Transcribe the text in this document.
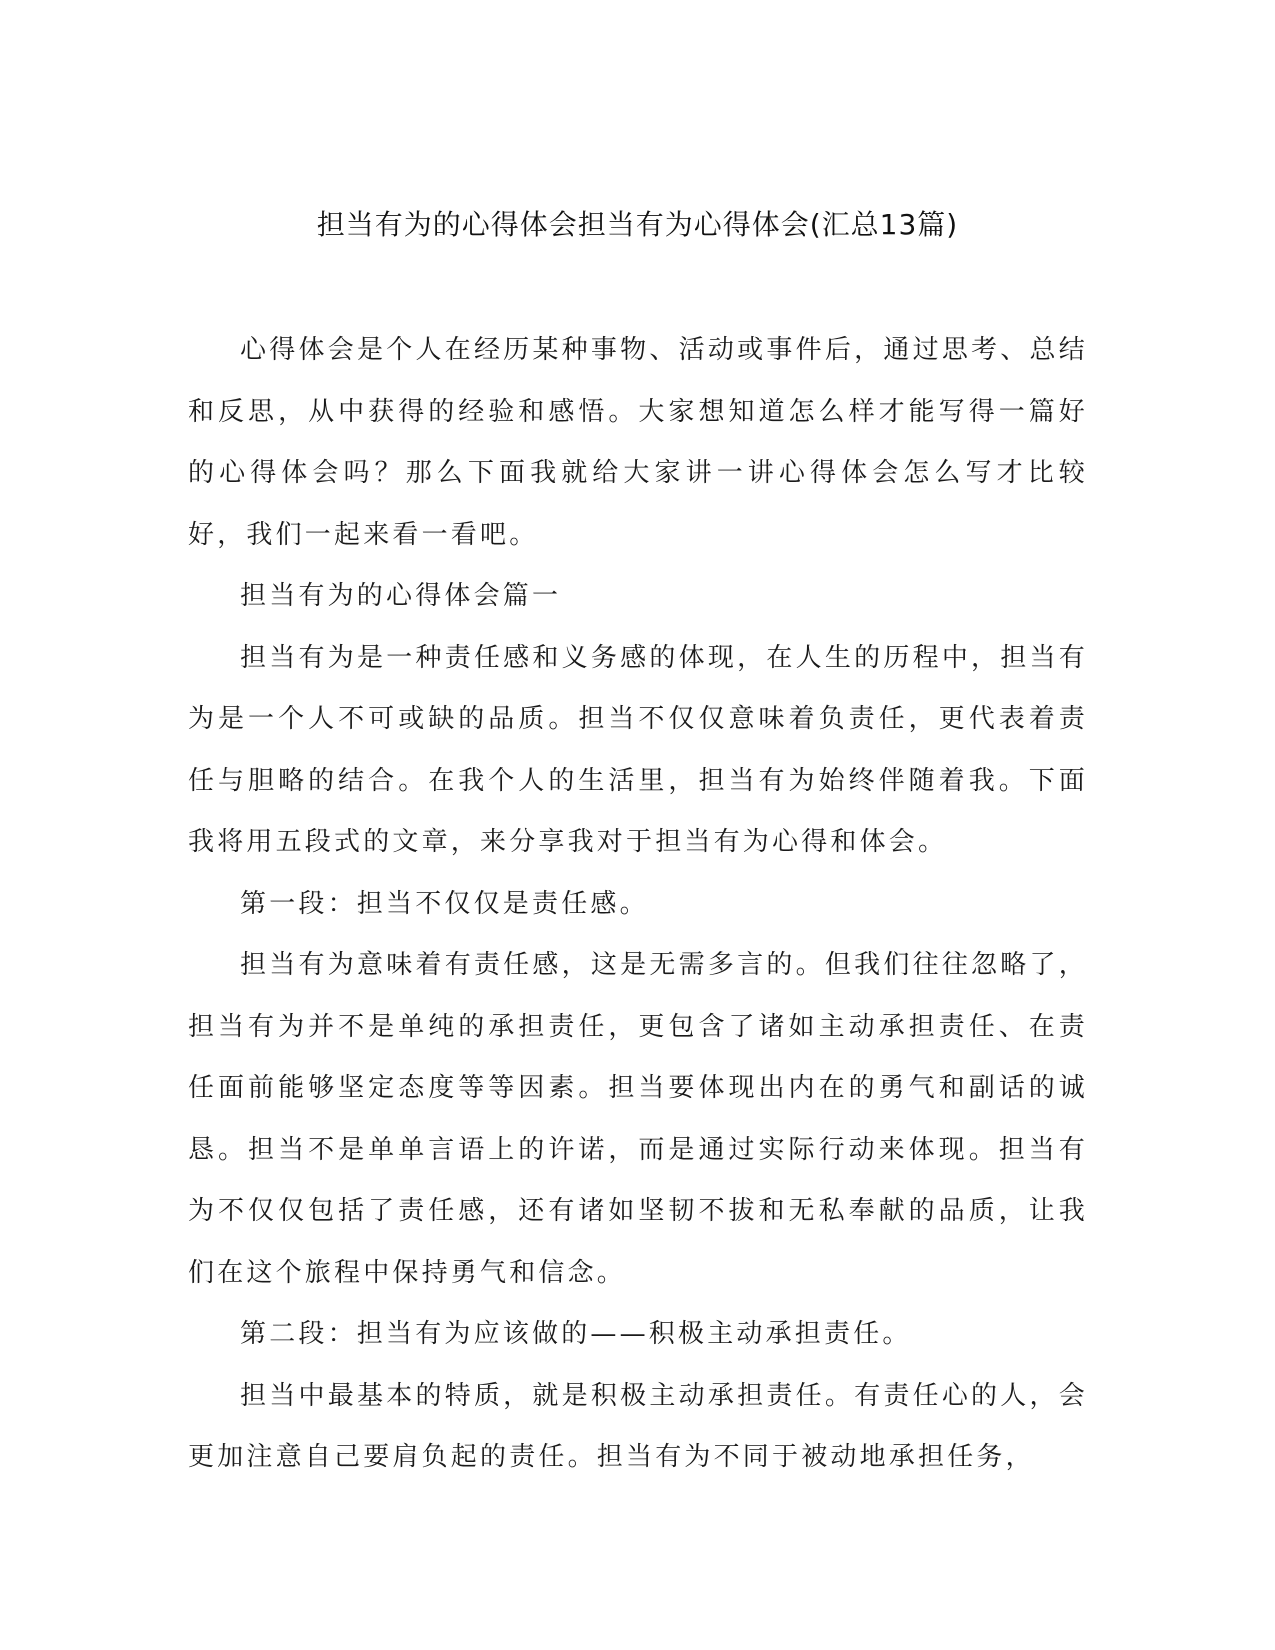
担当有为的心得体会担当有为心得体会(汇总13篇)

心得体会是个人在经历某种事物、活动或事件后，通过思考、总结和反思，从中获得的经验和感悟。大家想知道怎么样才能写得一篇好的心得体会吗？那么下面我就给大家讲一讲心得体会怎么写才比较好，我们一起来看一看吧。

担当有为的心得体会篇一

担当有为是一种责任感和义务感的体现，在人生的历程中，担当有为是一个人不可或缺的品质。担当不仅仅意味着负责任，更代表着责任与胆略的结合。在我个人的生活里，担当有为始终伴随着我。下面我将用五段式的文章，来分享我对于担当有为心得和体会。

第一段：担当不仅仅是责任感。

担当有为意味着有责任感，这是无需多言的。但我们往往忽略了，担当有为并不是单纯的承担责任，更包含了诸如主动承担责任、在责任面前能够坚定态度等等因素。担当要体现出内在的勇气和副话的诚恳。担当不是单单言语上的许诺，而是通过实际行动来体现。担当有为不仅仅包括了责任感，还有诸如坚韧不拔和无私奉献的品质，让我们在这个旅程中保持勇气和信念。

第二段：担当有为应该做的——积极主动承担责任。

担当中最基本的特质，就是积极主动承担责任。有责任心的人，会更加注意自己要肩负起的责任。担当有为不同于被动地承担任务，
